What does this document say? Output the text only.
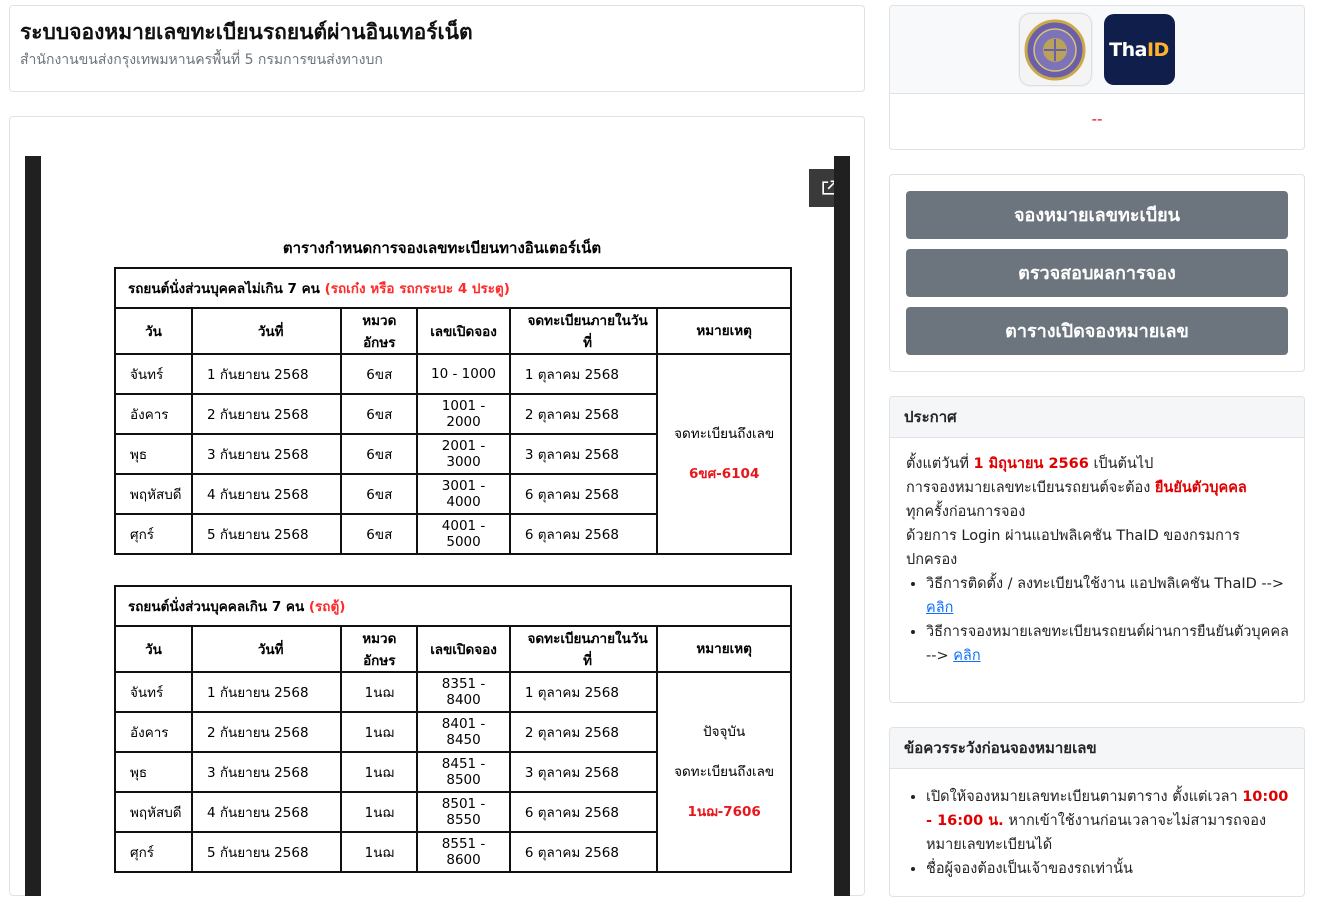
ระบบจองหมายเลขทะเบียนรถยนต์ผ่านอินเทอร์เน็ต
สำนักงานขนส่งกรุงเทพมหานครพื้นที่ 5 กรมการขนส่งทางบก
ตารางกำหนดการจองเลขทะเบียนทางอินเตอร์เน็ต
รถยนต์นั่งส่วนบุคคลไม่เกิน 7 คน (รถเก๋ง หรือ รถกระบะ 4 ประตู)					
วัน	วันที่	หมวดอักษร	เลขเปิดจอง	จดทะเบียนภายในวันที่	หมายเหตุ
จันทร์	1 กันยายน 2568	6ขส	10 - 1000	1 ตุลาคม 2568	จดทะเบียนถึงเลข
6ขศ-6104

อังคาร	2 กันยายน 2568	6ขส	1001 - 2000	2 ตุลาคม 2568	
พุธ	3 กันยายน 2568	6ขส	2001 - 3000	3 ตุลาคม 2568	
พฤหัสบดี	4 กันยายน 2568	6ขส	3001 - 4000	6 ตุลาคม 2568	
ศุกร์	5 กันยายน 2568	6ขส	4001 - 5000	6 ตุลาคม 2568	
รถยนต์นั่งส่วนบุคคลเกิน 7 คน (รถตู้)					
วัน	วันที่	หมวดอักษร	เลขเปิดจอง	จดทะเบียนภายในวันที่	หมายเหตุ
จันทร์	1 กันยายน 2568	1นฌ	8351 - 8400	1 ตุลาคม 2568	ปัจจุบัน
จดทะเบียนถึงเลข
1นฌ-7606

อังคาร	2 กันยายน 2568	1นฌ	8401 - 8450	2 ตุลาคม 2568	
พุธ	3 กันยายน 2568	1นฌ	8451 - 8500	3 ตุลาคม 2568	
พฤหัสบดี	4 กันยายน 2568	1นฌ	8501 - 8550	6 ตุลาคม 2568	
ศุกร์	5 กันยายน 2568	1นฌ	8551 - 8600	6 ตุลาคม 2568	
ThaID
--
จองหมายเลขทะเบียน
ตรวจสอบผลการจอง
ตารางเปิดจองหมายเลข
ประกาศ
ตั้งแต่วันที่ 1 มิถุนายน 2566 เป็นต้นไป
การจองหมายเลขทะเบียนรถยนต์จะต้อง ยืนยันตัวบุคคล
ทุกครั้งก่อนการจอง
ด้วยการ Login ผ่านแอปพลิเคชัน ThaID ของกรมการปกครอง
• วิธีการติดตั้ง / ลงทะเบียนใช้งาน แอปพลิเคชัน ThaID --> คลิก
• วิธีการจองหมายเลขทะเบียนรถยนต์ผ่านการยืนยันตัวบุคคล --> คลิก
ข้อควรระวังก่อนจองหมายเลข
• เปิดให้จองหมายเลขทะเบียนตามตาราง ตั้งแต่เวลา 10:00 - 16:00 น. หากเข้าใช้งานก่อนเวลาจะไม่สามารถจองหมายเลขทะเบียนได้
• ชื่อผู้จองต้องเป็นเจ้าของรถเท่านั้น
